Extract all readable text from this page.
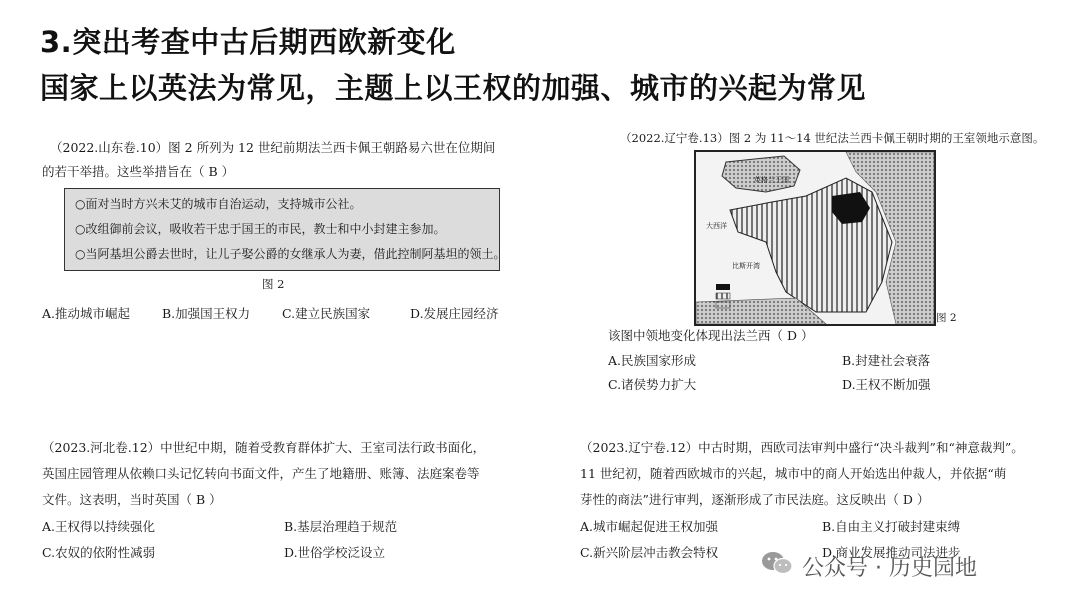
3.突出考查中古后期西欧新变化
国家上以英法为常见，主题上以王权的加强、城市的兴起为常见
（2022.山东卷.10）图 2 所列为 12 世纪前期法兰西卡佩王朝路易六世在位期间
的若干举措。这些举措旨在（ B ）
○面对当时方兴未艾的城市自治运动，支持城市公社。
○改组御前会议，吸收若干忠于国王的市民，教士和中小封建主参加。
○当阿基坦公爵去世时，让儿子娶公爵的女继承人为妻，借此控制阿基坦的领土。
图 2
A.推动城市崛起	B.加强国王权力	C.建立民族国家	D.发展庄园经济
（2022.辽宁卷.13）图 2 为 11～14 世纪法兰西卡佩王朝时期的王室领地示意图。
英格兰王国
大西洋
比斯开湾
图 2
该图中领地变化体现出法兰西（ D ）
A.民族国家形成	B.封建社会衰落
C.诸侯势力扩大	D.王权不断加强
（2023.河北卷.12）中世纪中期，随着受教育群体扩大、王室司法行政书面化，
英国庄园管理从依赖口头记忆转向书面文件，产生了地籍册、账簿、法庭案卷等
文件。这表明，当时英国（ B ）
A.王权得以持续强化	B.基层治理趋于规范
C.农奴的依附性减弱	D.世俗学校泛设立
（2023.辽宁卷.12）中古时期，西欧司法审判中盛行“决斗裁判”和“神意裁判”。
11 世纪初，随着西欧城市的兴起，城市中的商人开始选出仲裁人，并依据“萌
芽性的商法”进行审判，逐渐形成了市民法庭。这反映出（ D ）
A.城市崛起促进王权加强	B.自由主义打破封建束缚
C.新兴阶层冲击教会特权	D.商业发展推动司法进步
公众号 · 历史园地
